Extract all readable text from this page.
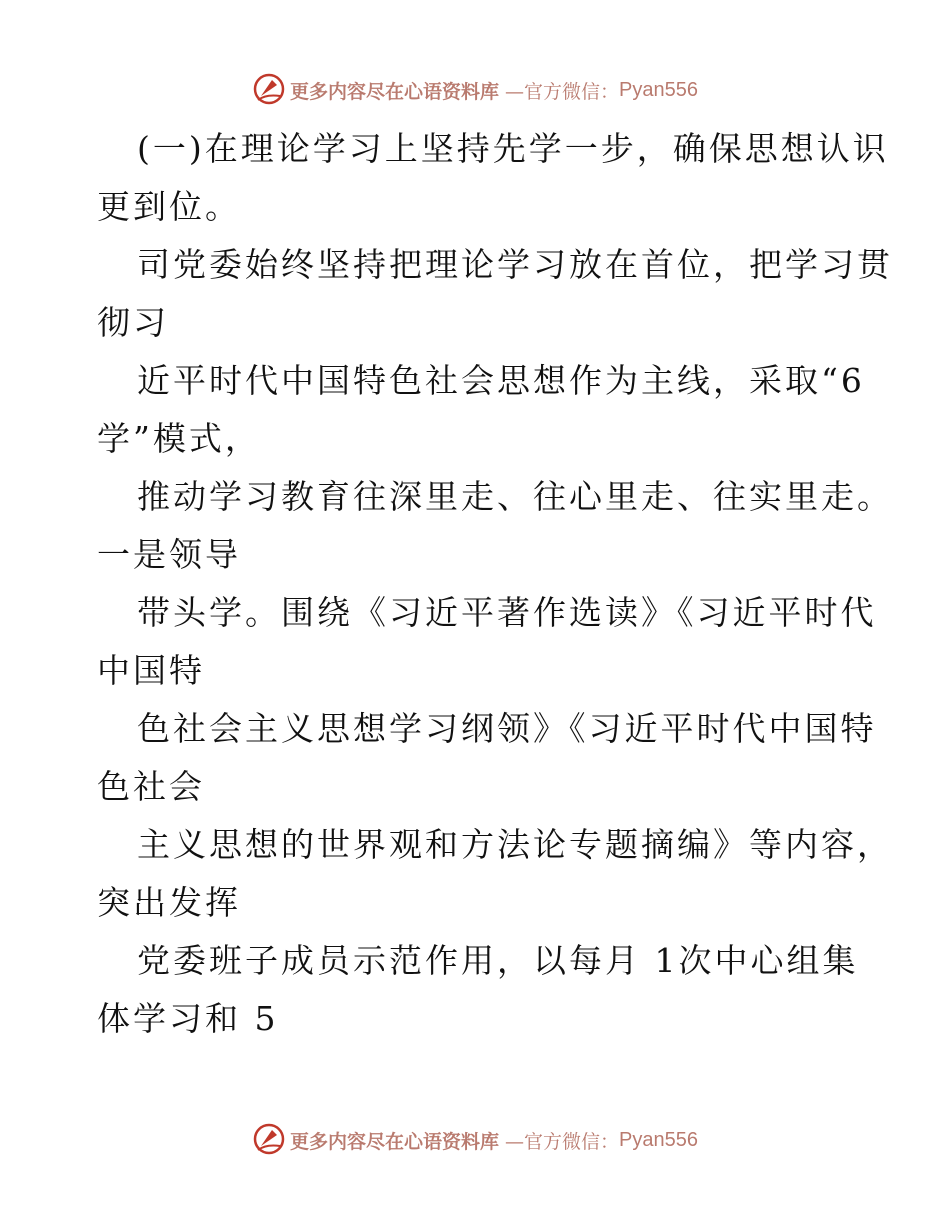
更多内容尽在心语资料库 —官方微信： Pyan556
(一)在理论学习上坚持先学一步，确保思想认识
更到位。
司党委始终坚持把理论学习放在首位，把学习贯
彻习
近平时代中国特色社会思想作为主线，采取“6
学”模式，
推动学习教育往深里走、往心里走、往实里走。
一是领导
带头学。围绕《习近平著作选读》《习近平时代
中国特
色社会主义思想学习纲领》《习近平时代中国特
色社会
主义思想的世界观和方法论专题摘编》等内容，
突出发挥
党委班子成员示范作用，以每月 1次中心组集
体学习和 5
更多内容尽在心语资料库 —官方微信： Pyan556
